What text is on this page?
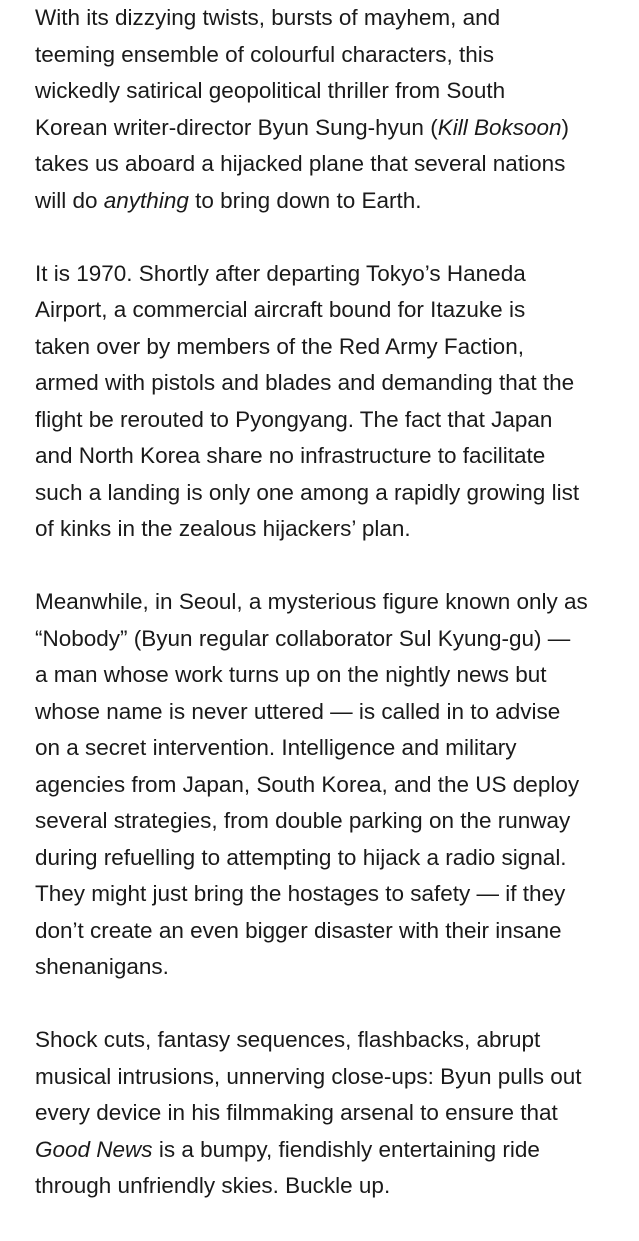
With its dizzying twists, bursts of mayhem, and
teeming ensemble of colourful characters, this
wickedly satirical geopolitical thriller from South
Korean writer-director Byun Sung-hyun (Kill Boksoon)
takes us aboard a hijacked plane that several nations
will do anything to bring down to Earth.

It is 1970. Shortly after departing Tokyo’s Haneda
Airport, a commercial aircraft bound for Itazuke is
taken over by members of the Red Army Faction,
armed with pistols and blades and demanding that the
flight be rerouted to Pyongyang. The fact that Japan
and North Korea share no infrastructure to facilitate
such a landing is only one among a rapidly growing list
of kinks in the zealous hijackers’ plan.

Meanwhile, in Seoul, a mysterious figure known only as
“Nobody” (Byun regular collaborator Sul Kyung-gu) —
a man whose work turns up on the nightly news but
whose name is never uttered — is called in to advise
on a secret intervention. Intelligence and military
agencies from Japan, South Korea, and the US deploy
several strategies, from double parking on the runway
during refuelling to attempting to hijack a radio signal.
They might just bring the hostages to safety — if they
don’t create an even bigger disaster with their insane
shenanigans.

Shock cuts, fantasy sequences, flashbacks, abrupt
musical intrusions, unnerving close-ups: Byun pulls out
every device in his filmmaking arsenal to ensure that
Good News is a bumpy, fiendishly entertaining ride
through unfriendly skies. Buckle up.
